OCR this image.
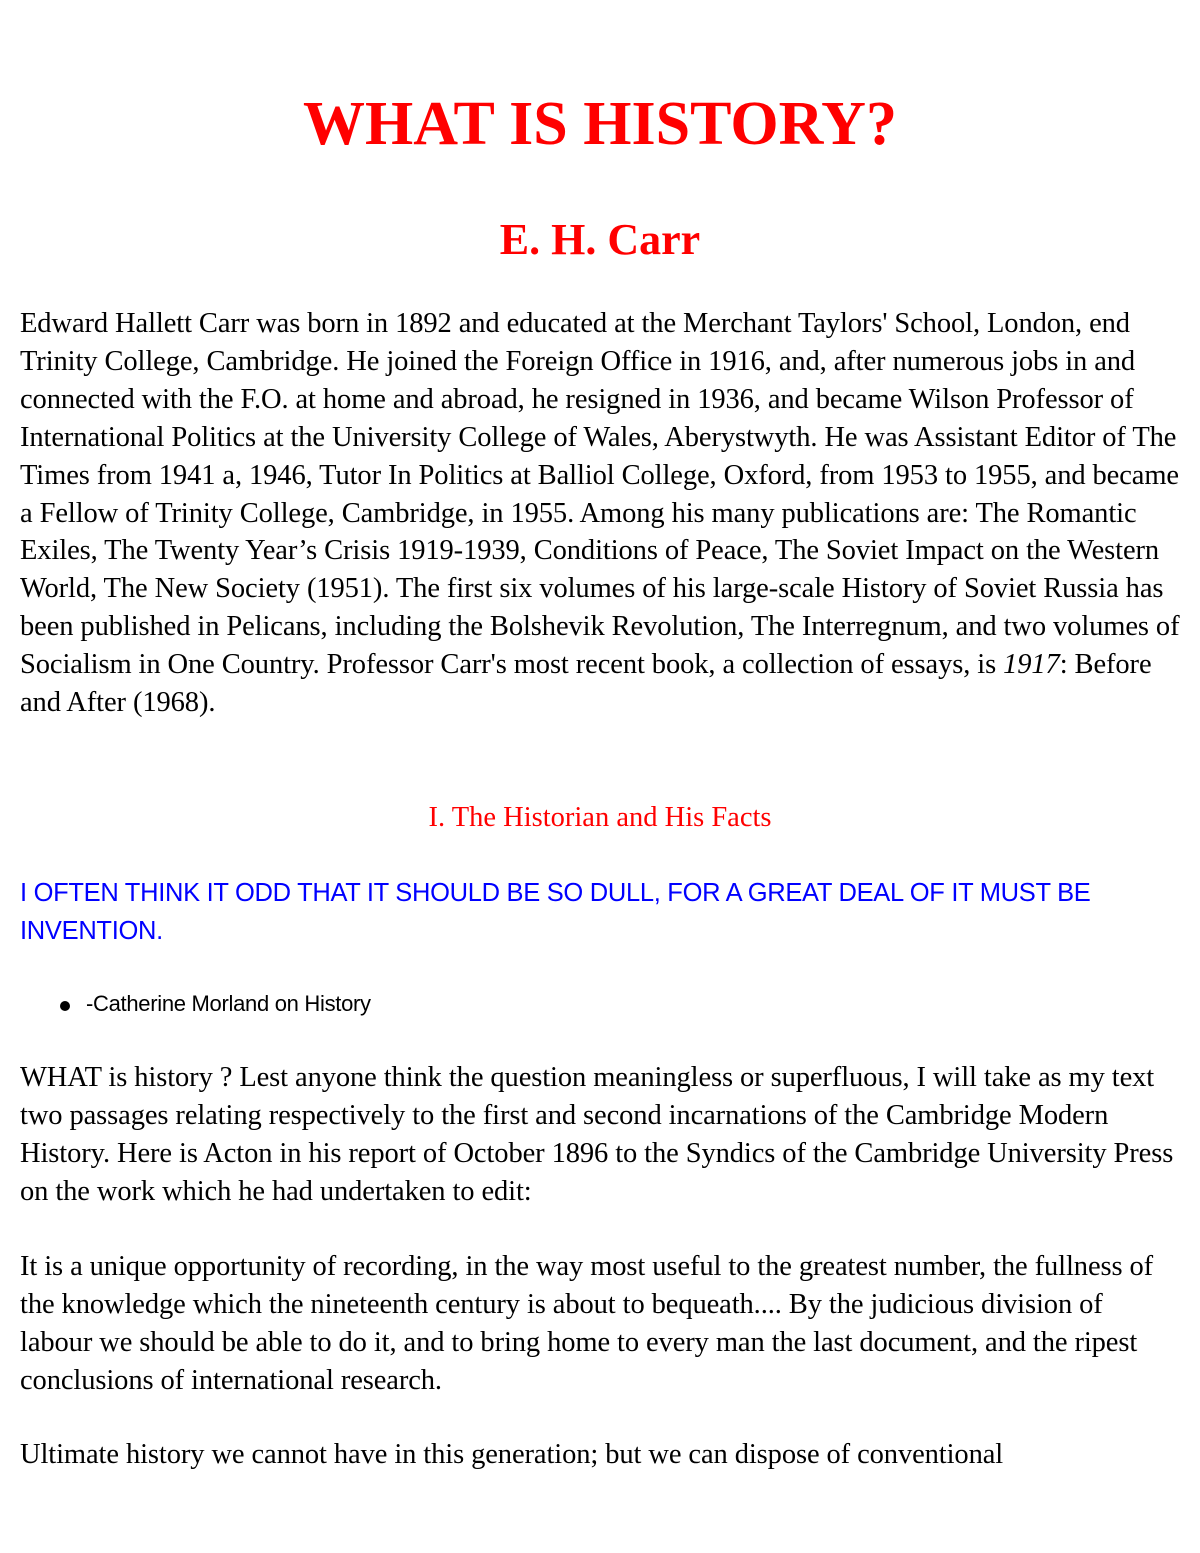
WHAT IS HISTORY?
E. H. Carr

Edward Hallett Carr was born in 1892 and educated at the Merchant Taylors' School, London, end Trinity College, Cambridge. He joined the Foreign Office in 1916, and, after numerous jobs in and connected with the F.O. at home and abroad, he resigned in 1936, and became Wilson Professor of International Politics at the University College of Wales, Aberystwyth. He was Assistant Editor of The Times from 1941 a, 1946, Tutor In Politics at Balliol College, Oxford, from 1953 to 1955, and became a Fellow of Trinity College, Cambridge, in 1955. Among his many publications are: The Romantic Exiles, The Twenty Year’s Crisis 1919-1939, Conditions of Peace, The Soviet Impact on the Western World, The New Society (1951). The first six volumes of his large-scale History of Soviet Russia has been published in Pelicans, including the Bolshevik Revolution, The Interregnum, and two volumes of Socialism in One Country. Professor Carr's most recent book, a collection of essays, is 1917: Before and After (1968).

I. The Historian and His Facts

I OFTEN THINK IT ODD THAT IT SHOULD BE SO DULL, FOR A GREAT DEAL OF IT MUST BE INVENTION.

-Catherine Morland on History

WHAT is history ? Lest anyone think the question meaningless or superfluous, I will take as my text two passages relating respectively to the first and second incarnations of the Cambridge Modern History. Here is Acton in his report of October 1896 to the Syndics of the Cambridge University Press on the work which he had undertaken to edit:

It is a unique opportunity of recording, in the way most useful to the greatest number, the fullness of the knowledge which the nineteenth century is about to bequeath.... By the judicious division of labour we should be able to do it, and to bring home to every man the last document, and the ripest conclusions of international research.

Ultimate history we cannot have in this generation; but we can dispose of conventional
